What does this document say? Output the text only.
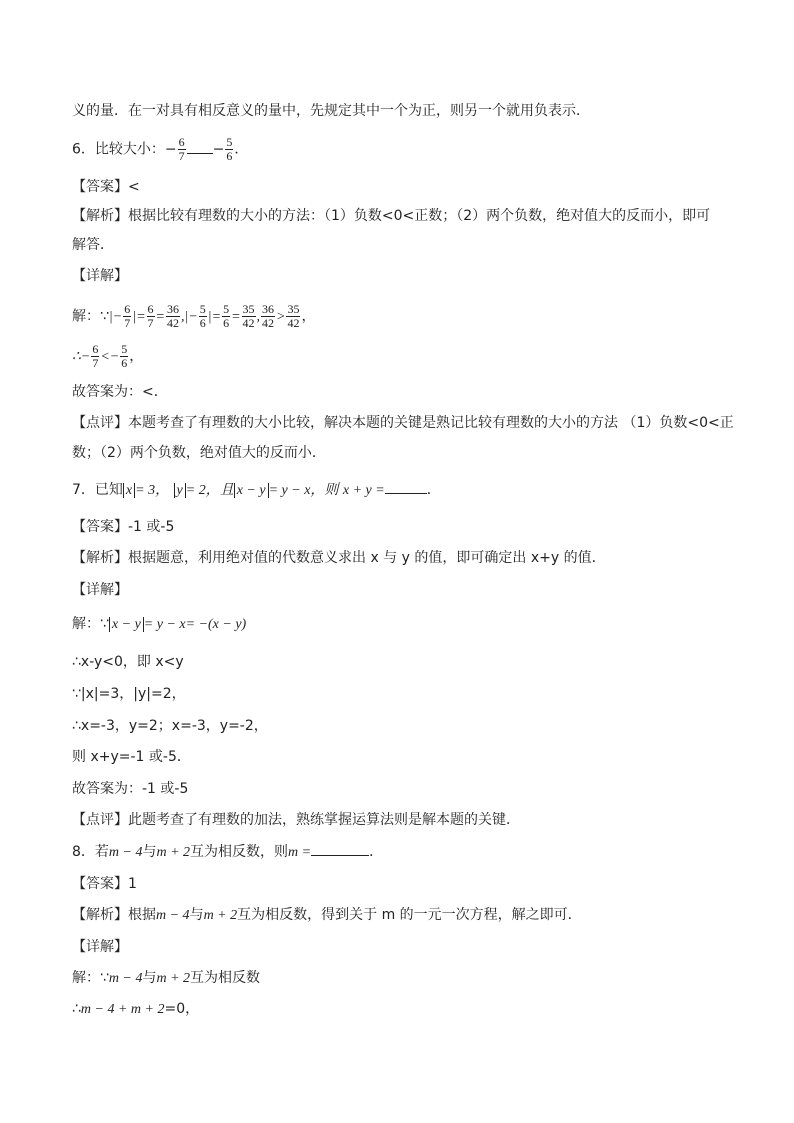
义的量．在一对具有相反意义的量中，先规定其中一个为正，则另一个就用负表示．
6．比较大小：− $\frac{6}{7} - \frac{5}{6}$ ．
【答案】<
【解析】根据比较有理数的大小的方法：（1）负数<0<正数；（2）两个负数，绝对值大的反而小，即可
解答．
【详解】
解：∵|− $\frac{6}{7}$ |= $\frac{6}{7} = \frac{36}{42}$ ,|− $\frac{5}{6}$ |= $\frac{5}{6} = \frac{35}{42}$ , $\frac{36}{42} > \frac{35}{42}$ ，
∴− $\frac{6}{7} <- \frac{5}{6}$ ，
故答案为：<．
【点评】本题考查了有理数的大小比较，解决本题的关键是熟记比较有理数的大小的方法 （1）负数<0<正
数；（2）两个负数，绝对值大的反而小．
7．已知 x = 3， y = 2，且 x − y = y − x，则 x + y =	．
【答案】-1 或-5
【解析】根据题意，利用绝对值的代数意义求出 x 与 y 的值，即可确定出 x+y 的值．
【详解】
解：∵ x − y = y − x= −(x − y)
∴x-y<0，即 x<y
∵|x|=3，|y|=2，
∴x=-3，y=2；x=-3，y=-2，
则 x+y=-1 或-5．
故答案为：-1 或-5
【点评】此题考查了有理数的加法，熟练掌握运算法则是解本题的关键．
8．若m − 4与m + 2互为相反数，则m =	．
【答案】1
【解析】根据m − 4与m + 2互为相反数，得到关于 m 的一元一次方程，解之即可．
【详解】
解：∵m − 4与m + 2互为相反数
∴m − 4 + m + 2=0，
